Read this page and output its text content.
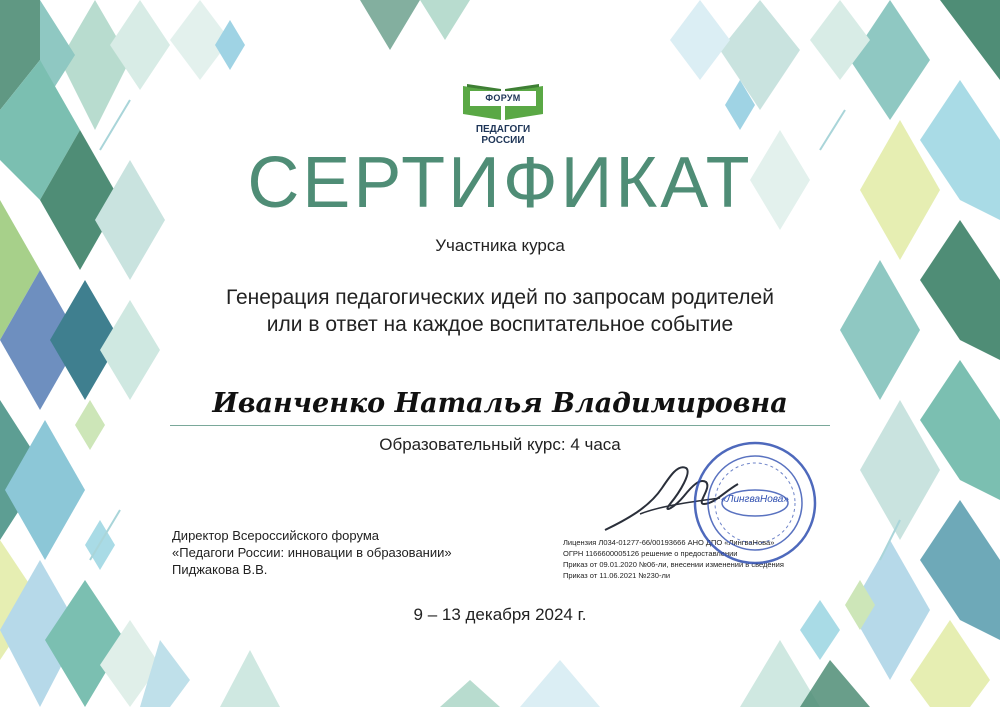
ФОРУМ
ПЕДАГОГИ РОССИИ
СЕРТИФИКАТ
Участника курса
Генерация педагогических идей по запросам родителей
или в ответ на каждое воспитательное событие
Иванченко Наталья Владимировна
Образовательный курс: 4 часа
Директор Всероссийского форума
«Педагоги России: инновации в образовании»
Пиджакова В.В.
Лицензия Л034-01277-66/00193666 АНО ДПО «ЛингваНова»
ОГРН 1166600005126 решение о предоставлении
Приказ от 09.01.2020 №06-ли, внесении изменений в сведения
Приказ от 11.06.2021 №230-ли
«ЛингваНова»
9 – 13 декабря 2024 г.
